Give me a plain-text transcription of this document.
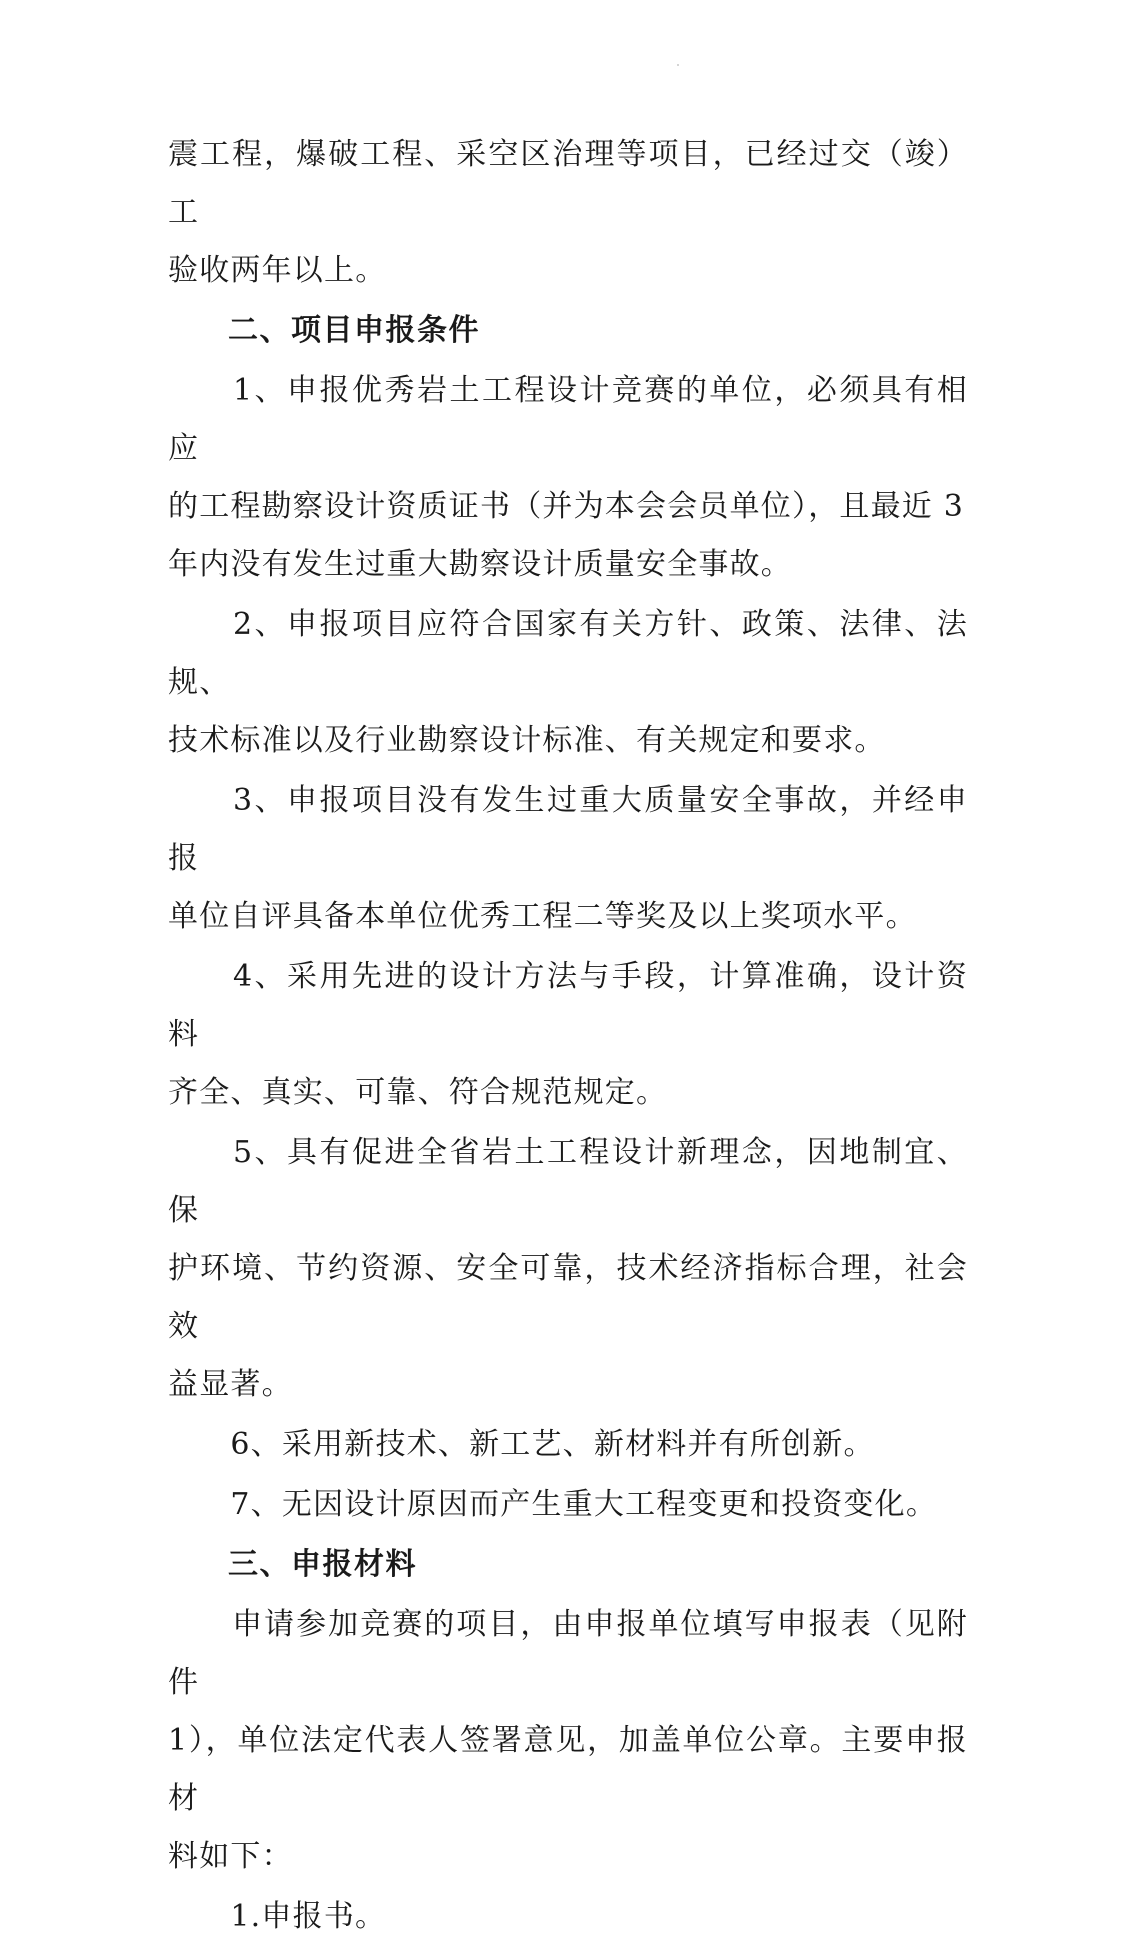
震工程，爆破工程、采空区治理等项目，已经过交（竣）工
验收两年以上。
二、项目申报条件
　　1、申报优秀岩土工程设计竞赛的单位，必须具有相应
的工程勘察设计资质证书（并为本会会员单位），且最近 3
年内没有发生过重大勘察设计质量安全事故。
　　2、申报项目应符合国家有关方针、政策、法律、法规、
技术标准以及行业勘察设计标准、有关规定和要求。
　　3、申报项目没有发生过重大质量安全事故，并经申报
单位自评具备本单位优秀工程二等奖及以上奖项水平。
　　4、采用先进的设计方法与手段，计算准确，设计资料
齐全、真实、可靠、符合规范规定。
　　5、具有促进全省岩土工程设计新理念，因地制宜、保
护环境、节约资源、安全可靠，技术经济指标合理，社会效
益显著。
　　6、采用新技术、新工艺、新材料并有所创新。
　　7、无因设计原因而产生重大工程变更和投资变化。
三、申报材料
　　申请参加竞赛的项目，由申报单位填写申报表（见附件
1），单位法定代表人签署意见，加盖单位公章。主要申报材
料如下：
　　1.申报书。
